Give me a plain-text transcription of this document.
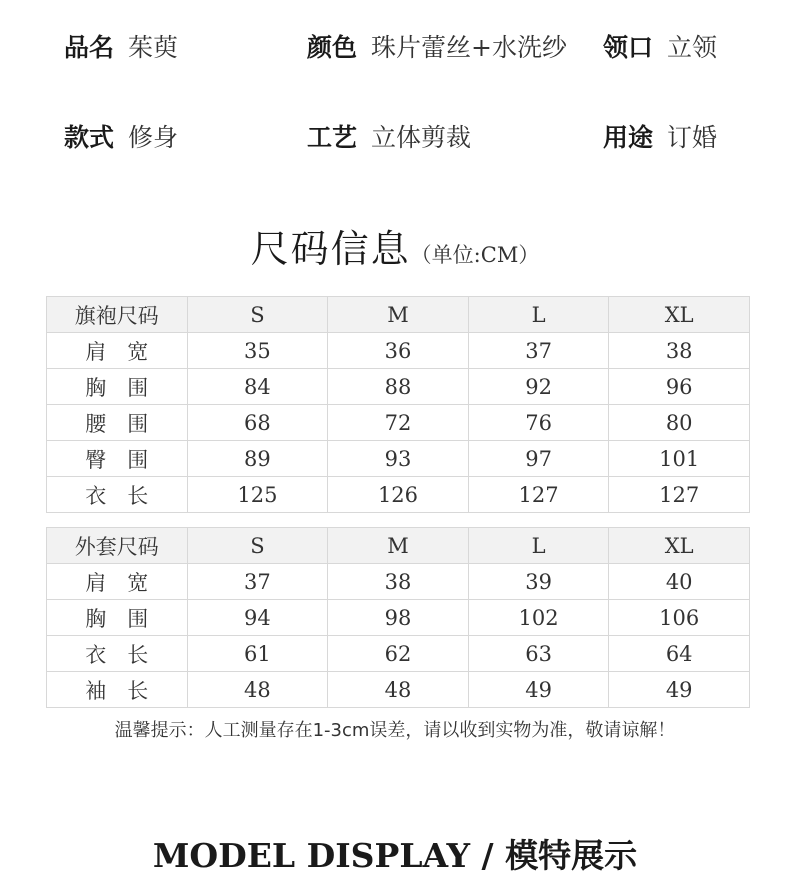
品名 茱萸	颜色 珠片蕾丝+水洗纱 领口 立领
款式 修身	工艺 立体剪裁	用途 订婚
尺码信息（单位:CM）
旗袍尺码	S	M	L	XL
肩　宽	35	36	37	38
胸　围	84	88	92	96
腰　围	68	72	76	80
臀　围	89	93	97	101
衣　长	125	126	127	127
外套尺码	S	M	L	XL
肩　宽	37	38	39	40
胸　围	94	98	102	106
衣　长	61	62	63	64
袖　长	48	48	49	49
温馨提示：人工测量存在1-3cm误差，请以收到实物为准，敬请谅解！
MODEL DISPLAY / 模特展示
